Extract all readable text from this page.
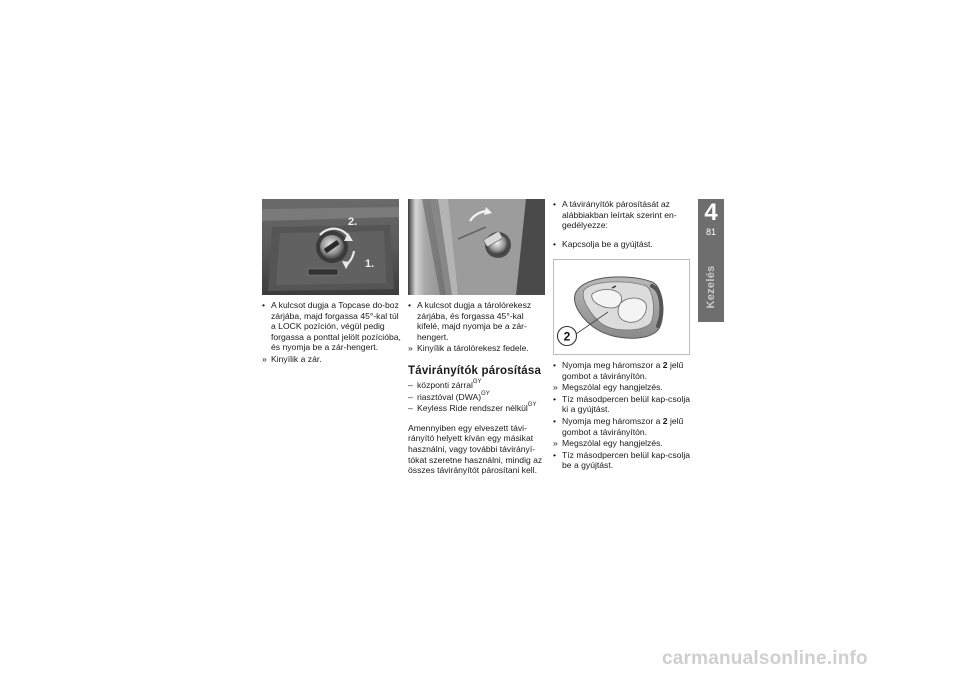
2.
1.
• A kulcsot dugja a Topcase do-boz zárjába, majd forgassa 45°-kal túl a LOCK pozíción, végül pedig forgassa a ponttal jelölt pozícióba, és nyomja be a zár-hengert.
» Kinyílik a zár.
• A kulcsot dugja a tárolórekesz zárjába, és forgassa 45°-kal kifelé, majd nyomja be a zár-hengert.
» Kinyílik a tárolórekesz fedele.
Távirányítók párosítása
– központi zárral$^{GY}$
– riasztóval (DWA)$^{GY}$
– Keyless Ride rendszer nélkül$^{GY}$
Amennyiben egy elveszett távi-rányító helyett kíván egy másikat használni, vagy további távirányí-tókat szeretne használni, mindig az összes távirányítót párosítani kell.
• A távirányítók párosítását az alábbiakban leírtak szerint en-gedélyezze:
• Kapcsolja be a gyújtást.
2
• Nyomja meg háromszor a 2 jelű gombot a távirányítón.
» Megszólal egy hangjelzés.
• Tíz másodpercen belül kap-csolja ki a gyújtást.
• Nyomja meg háromszor a 2 jelű gombot a távirányítón.
» Megszólal egy hangjelzés.
• Tíz másodpercen belül kap-csolja be a gyújtást.
4
81
Kezelés
carmanualsonline.info
